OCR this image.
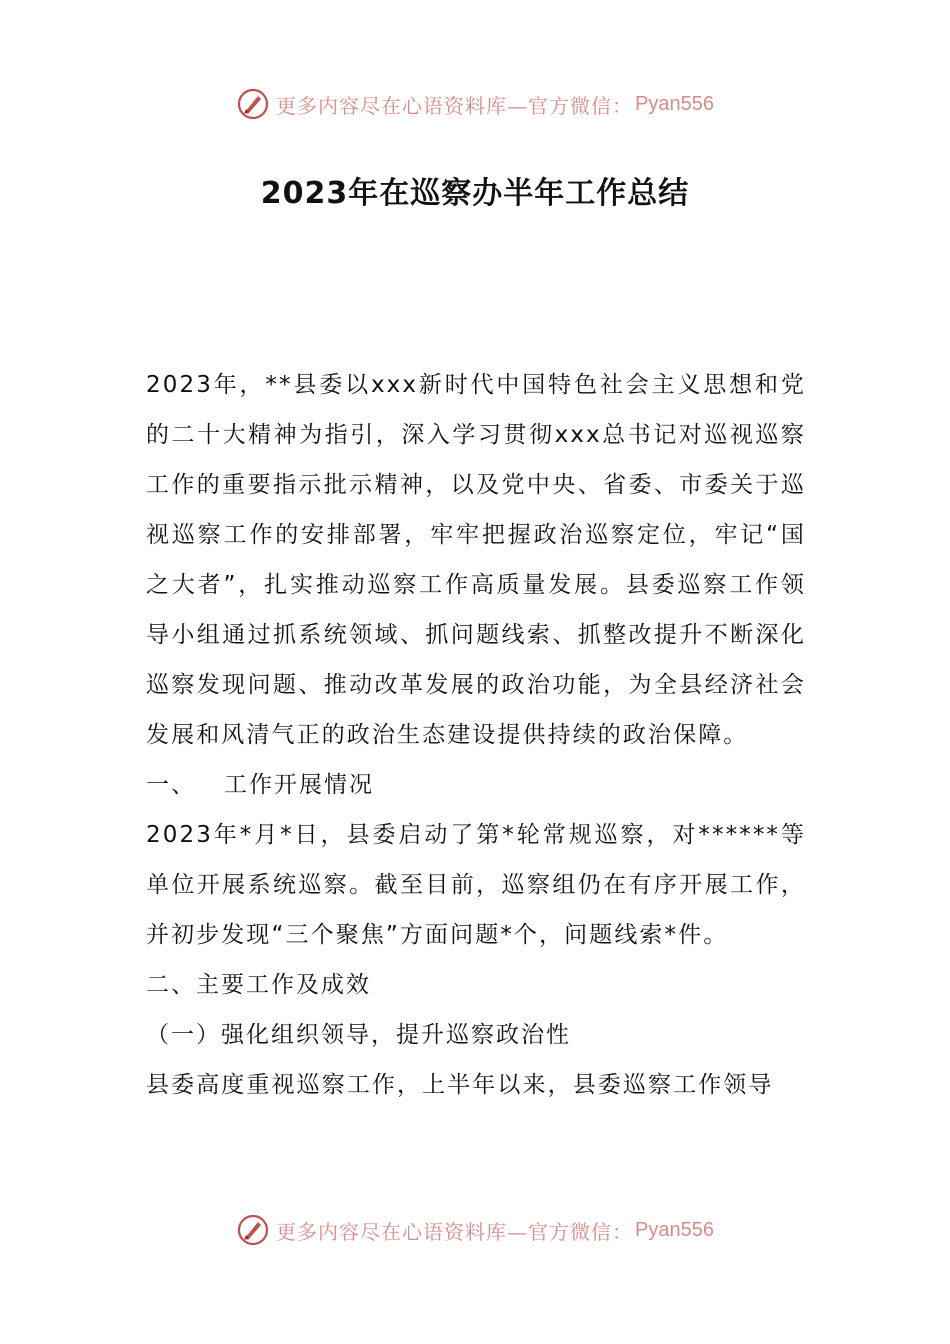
更多内容尽在心语资料库—官方微信： Pyan556
2023年在巡察办半年工作总结

2023年，**县委以xxx新时代中国特色社会主义思想和党的二十大精神为指引，深入学习贯彻xxx总书记对巡视巡察工作的重要指示批示精神，以及党中央、省委、市委关于巡视巡察工作的安排部署，牢牢把握政治巡察定位，牢记“国之大者”，扎实推动巡察工作高质量发展。县委巡察工作领导小组通过抓系统领域、抓问题线索、抓整改提升不断深化巡察发现问题、推动改革发展的政治功能，为全县经济社会发展和风清气正的政治生态建设提供持续的政治保障。

一、 工作开展情况

2023年*月*日，县委启动了第*轮常规巡察，对******等单位开展系统巡察。截至目前，巡察组仍在有序开展工作，并初步发现“三个聚焦”方面问题*个，问题线索*件。

二、主要工作及成效

（一）强化组织领导，提升巡察政治性

县委高度重视巡察工作，上半年以来，县委巡察工作领导

更多内容尽在心语资料库—官方微信： Pyan556
